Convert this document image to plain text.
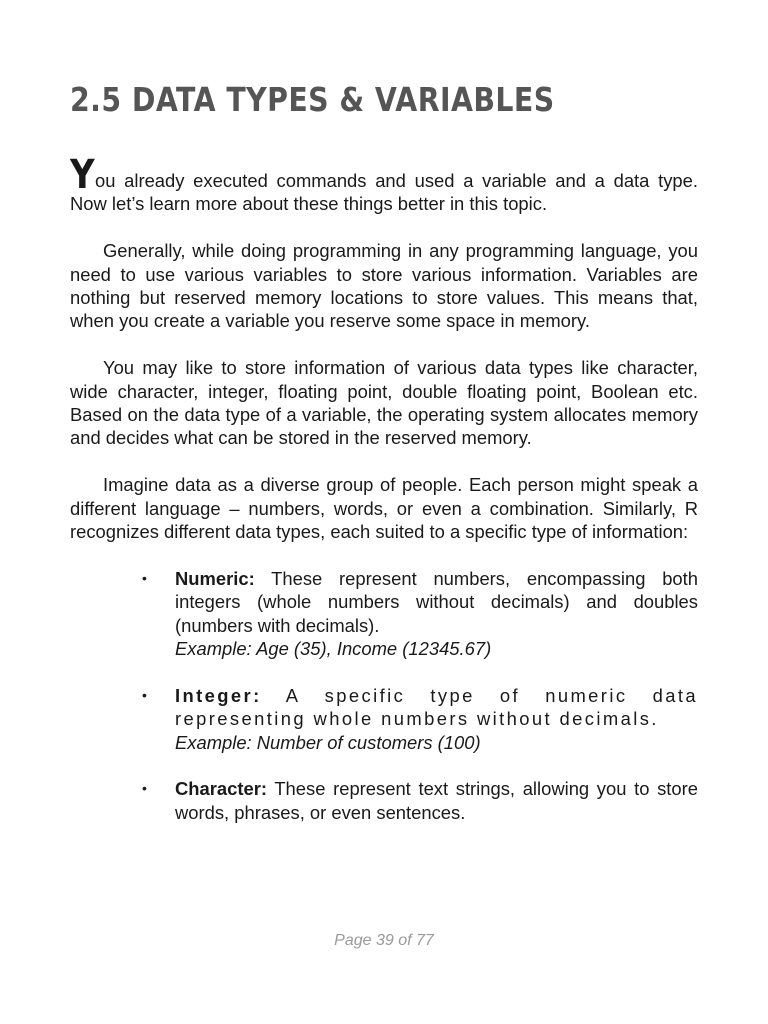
2.5 DATA TYPES & VARIABLES

You already executed commands and used a variable and a data type. Now let’s learn more about these things better in this topic.

Generally, while doing programming in any programming language, you need to use various variables to store various information. Variables are nothing but reserved memory locations to store values. This means that, when you create a variable you reserve some space in memory.

You may like to store information of various data types like character, wide character, integer, floating point, double floating point, Boolean etc. Based on the data type of a variable, the operating system allocates memory and decides what can be stored in the reserved memory.

Imagine data as a diverse group of people. Each person might speak a different language – numbers, words, or even a combination. Similarly, R recognizes different data types, each suited to a specific type of information:

• Numeric: These represent numbers, encompassing both integers (whole numbers without decimals) and doubles (numbers with decimals).
Example: Age (35), Income (12345.67)
• Integer: A specific type of numeric data representing whole numbers without decimals.
Example: Number of customers (100)
• Character: These represent text strings, allowing you to store words, phrases, or even sentences.
Page 39 of 77
